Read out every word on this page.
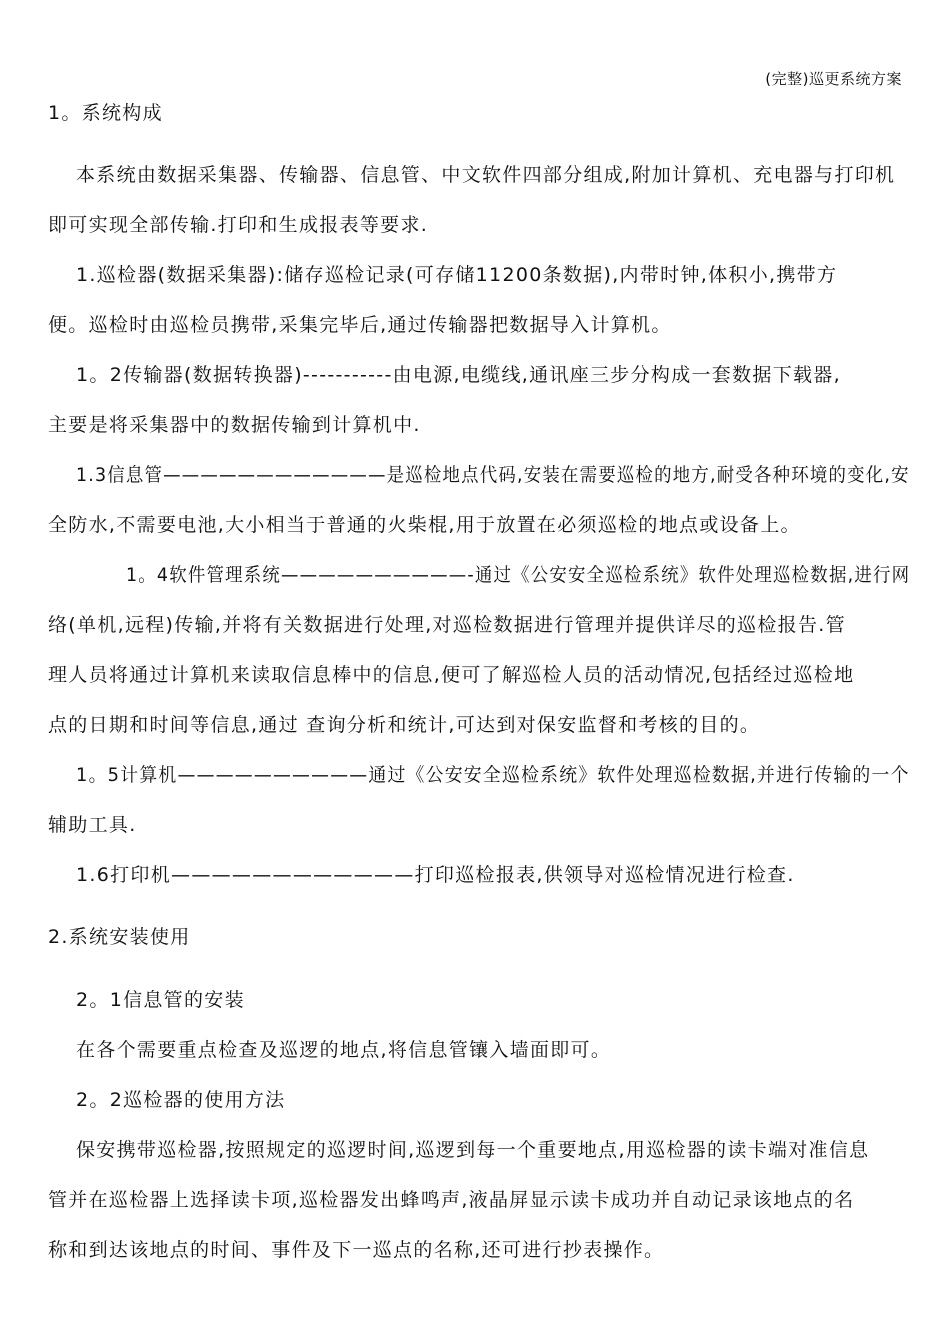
(完整)巡更系统方案
1。系统构成
本系统由数据采集器、传输器、信息管、中文软件四部分组成,附加计算机、充电器与打印机
即可实现全部传输.打印和生成报表等要求.
1.巡检器(数据采集器):储存巡检记录(可存储11200条数据),内带时钟,体积小,携带方
便。巡检时由巡检员携带,采集完毕后,通过传输器把数据导入计算机。
1。2传输器(数据转换器)-----------由电源,电缆线,通讯座三步分构成一套数据下载器,
主要是将采集器中的数据传输到计算机中.
1.3信息管————————————是巡检地点代码,安装在需要巡检的地方,耐受各种环境的变化,安
全防水,不需要电池,大小相当于普通的火柴棍,用于放置在必须巡检的地点或设备上。
1。4软件管理系统——————————-通过《公安安全巡检系统》软件处理巡检数据,进行网
络(单机,远程)传输,并将有关数据进行处理,对巡检数据进行管理并提供详尽的巡检报告.管
理人员将通过计算机来读取信息棒中的信息,便可了解巡检人员的活动情况,包括经过巡检地
点的日期和时间等信息,通过 查询分析和统计,可达到对保安监督和考核的目的。
1。5计算机——————————通过《公安安全巡检系统》软件处理巡检数据,并进行传输的一个
辅助工具.
1.6打印机————————————打印巡检报表,供领导对巡检情况进行检查.
2.系统安装使用
2。1信息管的安装
在各个需要重点检查及巡逻的地点,将信息管镶入墙面即可。
2。2巡检器的使用方法
保安携带巡检器,按照规定的巡逻时间,巡逻到每一个重要地点,用巡检器的读卡端对准信息
管并在巡检器上选择读卡项,巡检器发出蜂鸣声,液晶屏显示读卡成功并自动记录该地点的名
称和到达该地点的时间、事件及下一巡点的名称,还可进行抄表操作。
